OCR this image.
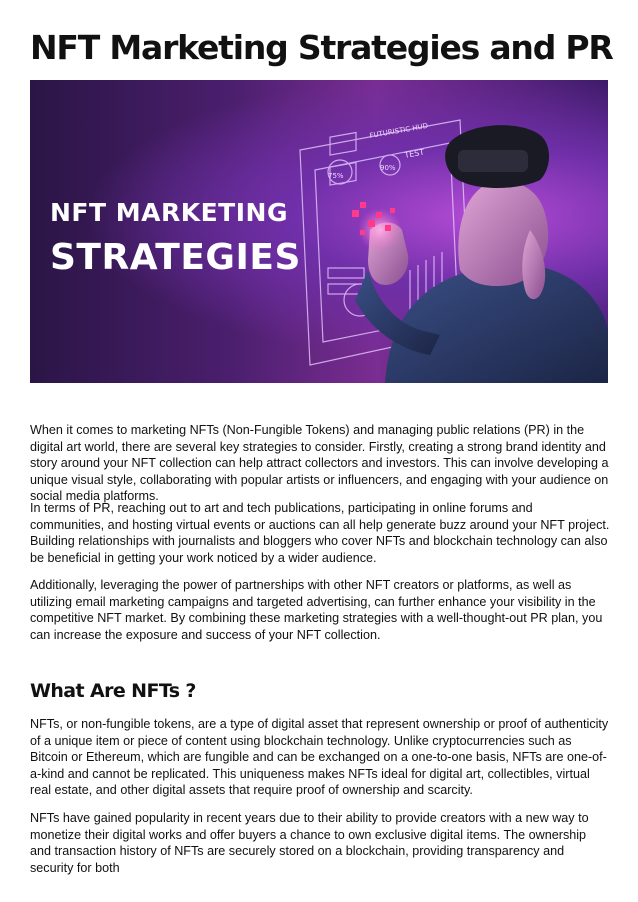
NFT Marketing Strategies and PR
FUTURISTIC HUD
TEST
75%
90%
NFT MARKETING
STRATEGIES

When it comes to marketing NFTs (Non-Fungible Tokens) and managing public relations (PR) in the digital art world, there are several key strategies to consider. Firstly, creating a strong brand identity and story around your NFT collection can help attract collectors and investors. This can involve developing a unique visual style, collaborating with popular artists or influencers, and engaging with your audience on social media platforms.

In terms of PR, reaching out to art and tech publications, participating in online forums and communities, and hosting virtual events or auctions can all help generate buzz around your NFT project. Building relationships with journalists and bloggers who cover NFTs and blockchain technology can also be beneficial in getting your work noticed by a wider audience.

Additionally, leveraging the power of partnerships with other NFT creators or platforms, as well as utilizing email marketing campaigns and targeted advertising, can further enhance your visibility in the competitive NFT market. By combining these marketing strategies with a well-thought-out PR plan, you can increase the exposure and success of your NFT collection.

What Are NFTs ?

NFTs, or non-fungible tokens, are a type of digital asset that represent ownership or proof of authenticity of a unique item or piece of content using blockchain technology. Unlike cryptocurrencies such as Bitcoin or Ethereum, which are fungible and can be exchanged on a one-to-one basis, NFTs are one-of-a-kind and cannot be replicated. This uniqueness makes NFTs ideal for digital art, collectibles, virtual real estate, and other digital assets that require proof of ownership and scarcity.

NFTs have gained popularity in recent years due to their ability to provide creators with a new way to monetize their digital works and offer buyers a chance to own exclusive digital items. The ownership and transaction history of NFTs are securely stored on a blockchain, providing transparency and security for both
